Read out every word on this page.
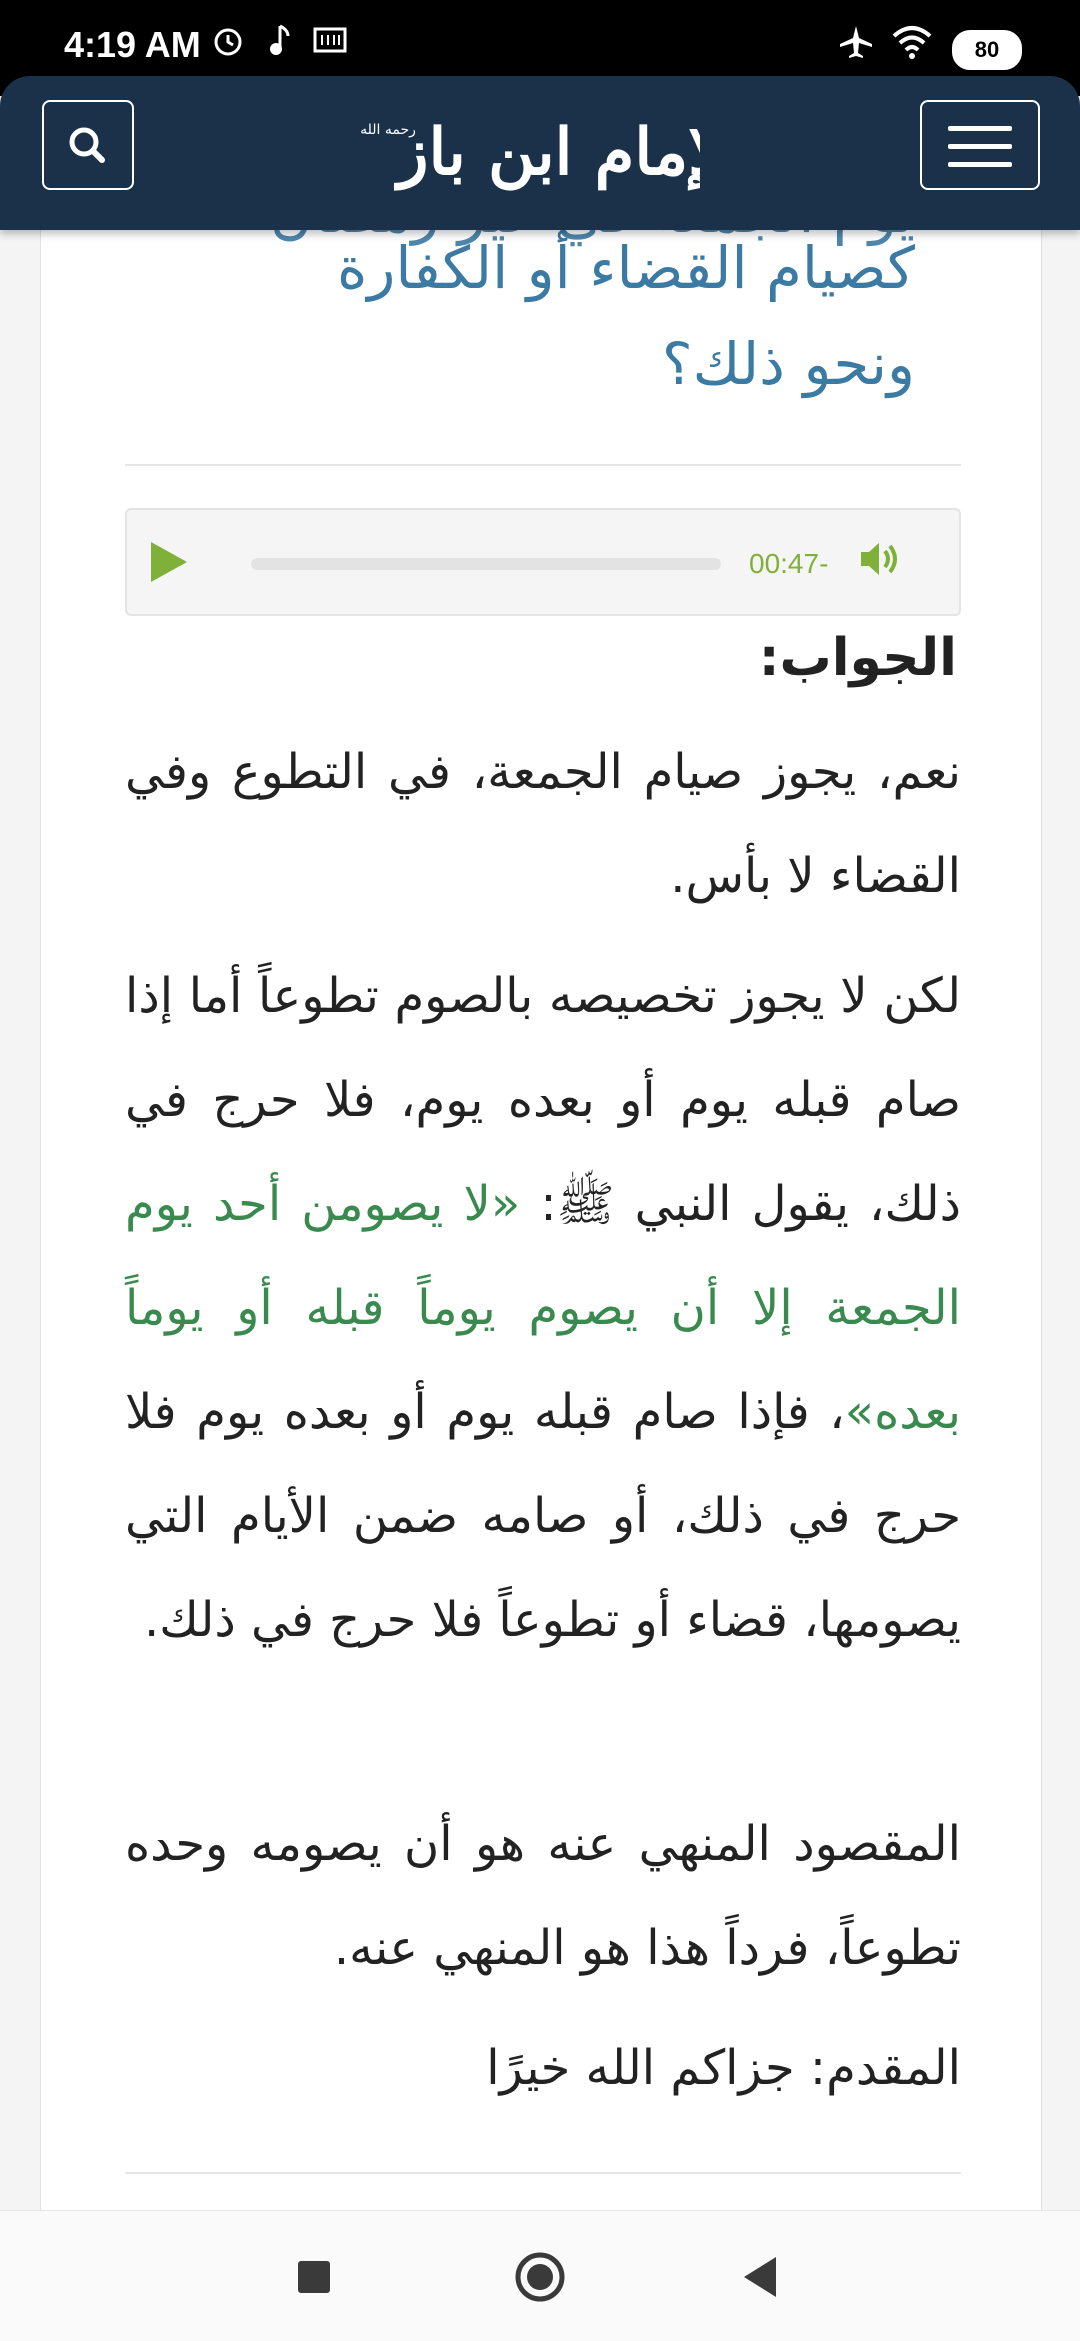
4:19 AM	80
إمام ابن باز
رحمه الله
كصيام القضاء أو الكفارة
ونحو ذلك؟
00:47-
الجواب:
نعم، يجوز صيام الجمعة، في التطوع وفي القضاء لا بأس.
لكن لا يجوز تخصيصه بالصوم تطوعاً أما إذا صام قبله يوم أو بعده يوم، فلا حرج في ذلك، يقول النبي ﷺ: «لا يصومن أحد يوم الجمعة إلا أن يصوم يوماً قبله أو يوماً بعده»، فإذا صام قبله يوم أو بعده يوم فلا حرج في ذلك، أو صامه ضمن الأيام التي يصومها، قضاء أو تطوعاً فلا حرج في ذلك.
المقصود المنهي عنه هو أن يصومه وحده تطوعاً، فرداً هذا هو المنهي عنه.
المقدم: جزاكم الله خيرًا
